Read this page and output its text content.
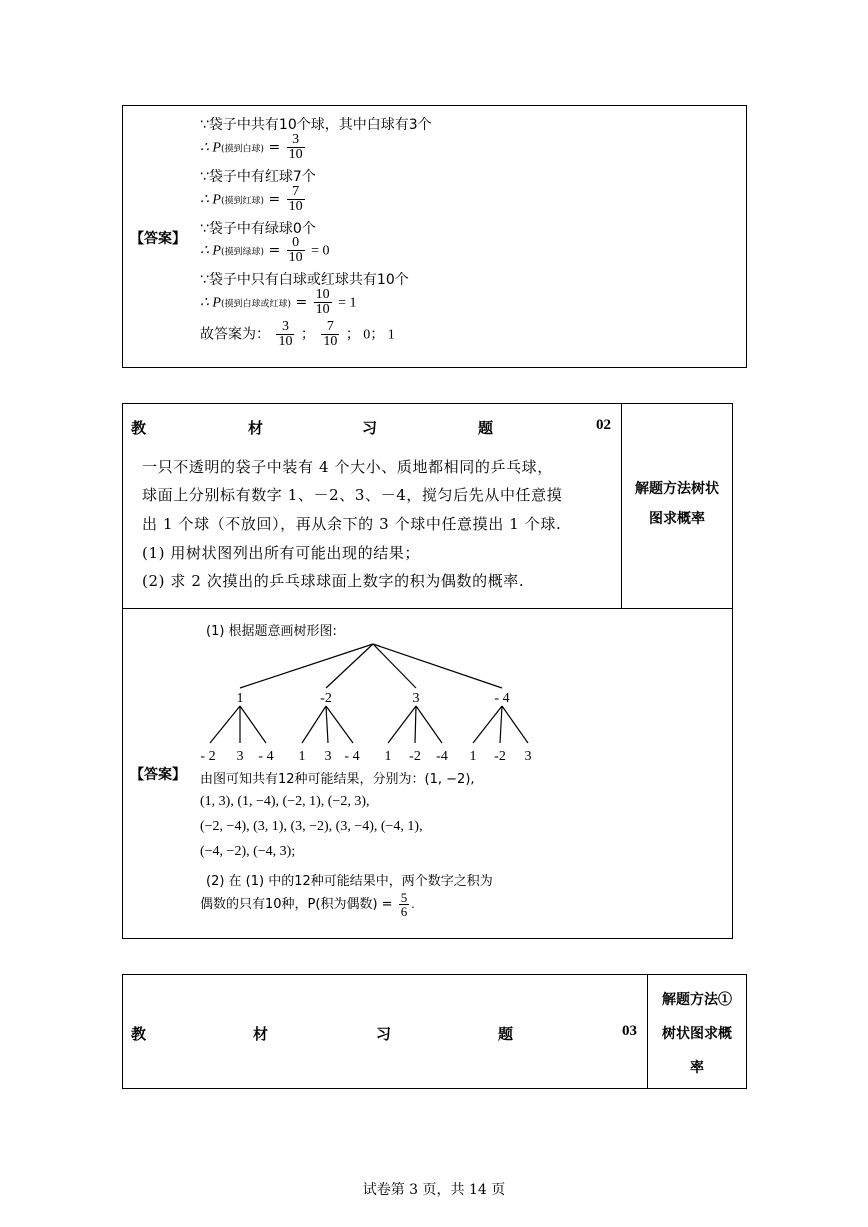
【答案】
∵袋子中共有10个球，其中白球有3个
∴ P(摸到白球) = $\frac{3}{10}$
∵袋子中有红球7个
∴ P(摸到红球) = $\frac{7}{10}$
∵袋子中有绿球0个
∴ P(摸到绿球) = $\frac{0}{10} = 0$
∵袋子中只有白球或红球共有10个
∴ P(摸到白球或红球) = $\frac{10}{10} = 1$
故答案为： $\frac{3}{10}$ ； $\frac{7}{10}$ ； 0； 1
教	材	习	题	02
一只不透明的袋子中装有 4 个大小、质地都相同的乒乓球，
球面上分别标有数字 1、－2、3、－4，搅匀后先从中任意摸
出 1 个球（不放回），再从余下的 3 个球中任意摸出 1 个球.
(1) 用树状图列出所有可能出现的结果；
(2) 求 2 次摸出的乒乓球球面上数字的积为偶数的概率.
解题方法树状
图求概率
【答案】
(1) 根据题意画树形图:
1	-2	3	- 4
- 2 3 - 4 1 3 - 4 1 -2 -4 1 -2 3
由图可知共有12种可能结果，分别为：(1, −2),
(1, 3), (1, −4), (−2, 1), (−2, 3),
(−2, −4), (3, 1), (3, −2), (3, −4), (−4, 1),
(−4, −2), (−4, 3);
(2) 在 (1) 中的12种可能结果中，两个数字之积为
偶数的只有10种，P(积为偶数) = $\frac{5}{6}$ .
教	材	习	题	03
解题方法①
树状图求概
率
试卷第 3 页，共 14 页
